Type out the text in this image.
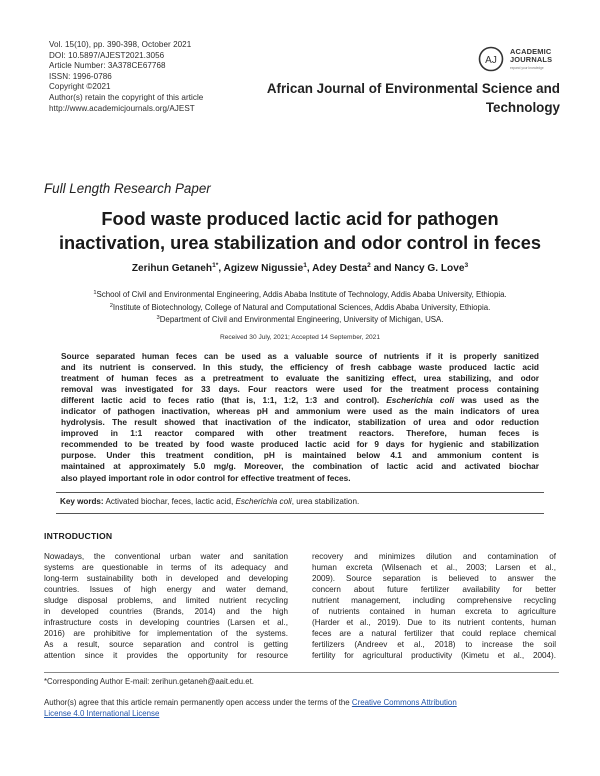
Vol. 15(10), pp. 390-398, October 2021
DOI: 10.5897/AJEST2021.3056
Article Number: 3A378CE67768
ISSN: 1996-0786
Copyright ©2021
Author(s) retain the copyright of this article
http://www.academicjournals.org/AJEST
AJ
ACADEMIC
JOURNALS
expand your knowledge
African Journal of Environmental Science and
Technology
Full Length Research Paper
Food waste produced lactic acid for pathogen
inactivation, urea stabilization and odor control in feces
Zerihun Getaneh$^{1*}$, Agizew Nigussie$^1$, Adey Desta$^2$ and Nancy G. Love$^3$
$^1$School of Civil and Environmental Engineering, Addis Ababa Institute of Technology, Addis Ababa University, Ethiopia.
$^2$Institute of Biotechnology, College of Natural and Computational Sciences, Addis Ababa University, Ethiopia.
$^3$Department of Civil and Environmental Engineering, University of Michigan, USA.
Received 30 July, 2021; Accepted 14 September, 2021
Source separated human feces can be used as a valuable source of nutrients if it is properly sanitized
and its nutrient is conserved. In this study, the efficiency of fresh cabbage waste produced lactic acid
treatment of human feces as a pretreatment to evaluate the sanitizing effect, urea stabilizing, and odor
removal was investigated for 33 days. Four reactors were used for the treatment process containing
different lactic acid to feces ratio (that is, 1:1, 1:2, 1:3 and control). Escherichia coli was used as the
indicator of pathogen inactivation, whereas pH and ammonium were used as the main indicators of urea
hydrolysis. The result showed that inactivation of the indicator, stabilization of urea and odor reduction
improved in 1:1 reactor compared with other treatment reactors. Therefore, human feces is
recommended to be treated by food waste produced lactic acid for 9 days for hygienic and stabilization
purpose. Under this treatment condition, pH is maintained below 4.1 and ammonium content is
maintained at approximately 5.0 mg/g. Moreover, the combination of lactic acid and activated biochar
also played important role in odor control for effective treatment of feces.
Key words: Activated biochar, feces, lactic acid, Escherichia coli, urea stabilization.
INTRODUCTION
Nowadays, the conventional urban water and sanitation
systems are questionable in terms of its adequacy and
long-term sustainability both in developed and developing
countries. Issues of high energy and water demand,
sludge disposal problems, and limited nutrient recycling
in developed countries (Brands, 2014) and the high
infrastructure costs in developing countries (Larsen et al.,
2016) are prohibitive for implementation of the systems.
As a result, source separation and control is getting
attention since it provides the opportunity for resource
recovery and minimizes dilution and contamination of
human excreta (Wilsenach et al., 2003; Larsen et al.,
2009). Source separation is believed to answer the
concern about future fertilizer availability for better
nutrient management, including comprehensive recycling
of nutrients contained in human excreta to agriculture
(Harder et al., 2019). Due to its nutrient contents, human
feces are a natural fertilizer that could replace chemical
fertilizers (Andreev et al., 2018) to increase the soil
fertility for agricultural productivity (Kimetu et al., 2004).
*Corresponding Author E-mail: zerihun.getaneh@aait.edu.et.
Author(s) agree that this article remain permanently open access under the terms of the Creative Commons Attribution
License 4.0 International License
